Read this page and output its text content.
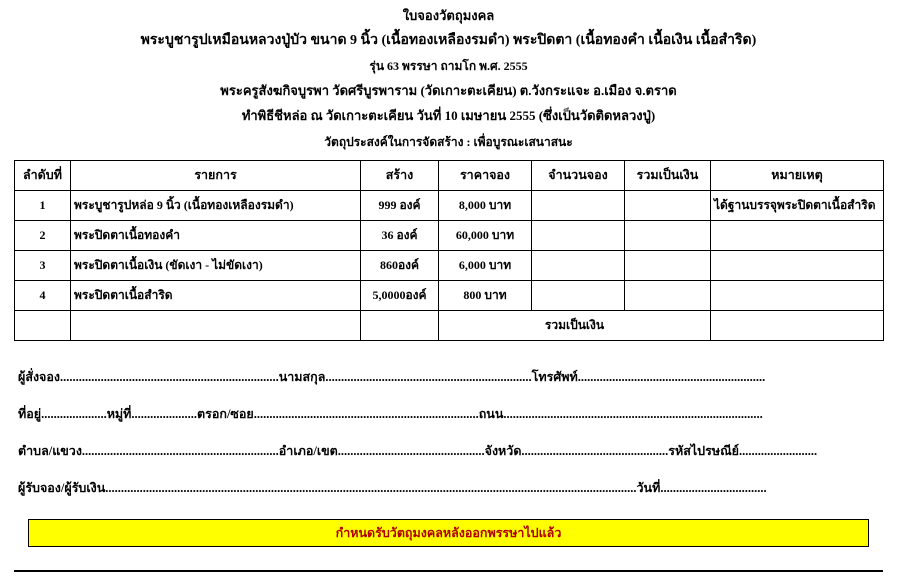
ใบจองวัตถุมงคล
พระบูชารูปเหมือนหลวงปู่บัว ขนาด 9 นิ้ว (เนื้อทองเหลืองรมดำ) พระปิดตา (เนื้อทองคำ เนื้อเงิน เนื้อสำริด)
รุ่น 63 พรรษา ถามโก พ.ศ. 2555
พระครูสังฆกิจบูรพา วัดศรีบูรพาราม (วัดเกาะตะเคียน) ต.วังกระแจะ อ.เมือง จ.ตราด
ทำพิธีชีหล่อ ณ วัดเกาะตะเคียน วันที่ 10 เมษายน 2555 (ซึ่งเป็นวัดติดหลวงปู่)
วัตถุประสงค์ในการจัดสร้าง : เพื่อบูรณะเสนาสนะ
ลำดับที่	รายการ	สร้าง	ราคาจอง	จำนวนจอง	รวมเป็นเงิน	หมายเหตุ
1	พระบูชารูปหล่อ 9 นิ้ว (เนื้อทองเหลืองรมดำ)	999 องค์	8,000 บาท			ได้ฐานบรรจุพระปิดตาเนื้อสำริด
2	พระปิดตาเนื้อทองคำ	36 องค์	60,000 บาท			
3	พระปิดตาเนื้อเงิน (ขัดเงา - ไม่ขัดเงา)	860องค์	6,000 บาท			
4	พระปิดตาเนื้อสำริด	5,0000องค์	800 บาท			
			รวมเป็นเงิน			
ผู้สั่งจอง......................................................................นามสกุล..................................................................โทรศัพท์............................................................
ที่อยู่.....................หมู่ที่.....................ตรอก/ซอย........................................................................ถนน...................................................................................
ตำบล/แขวง...............................................................อำเภอ/เขต...............................................จังหวัด...............................................รหัสไปรษณีย์.........................
ผู้รับจอง/ผู้รับเงิน..........................................................................................................................................................................วันที่..................................
กำหนดรับวัตถุมงคลหลังออกพรรษาไปแล้ว
